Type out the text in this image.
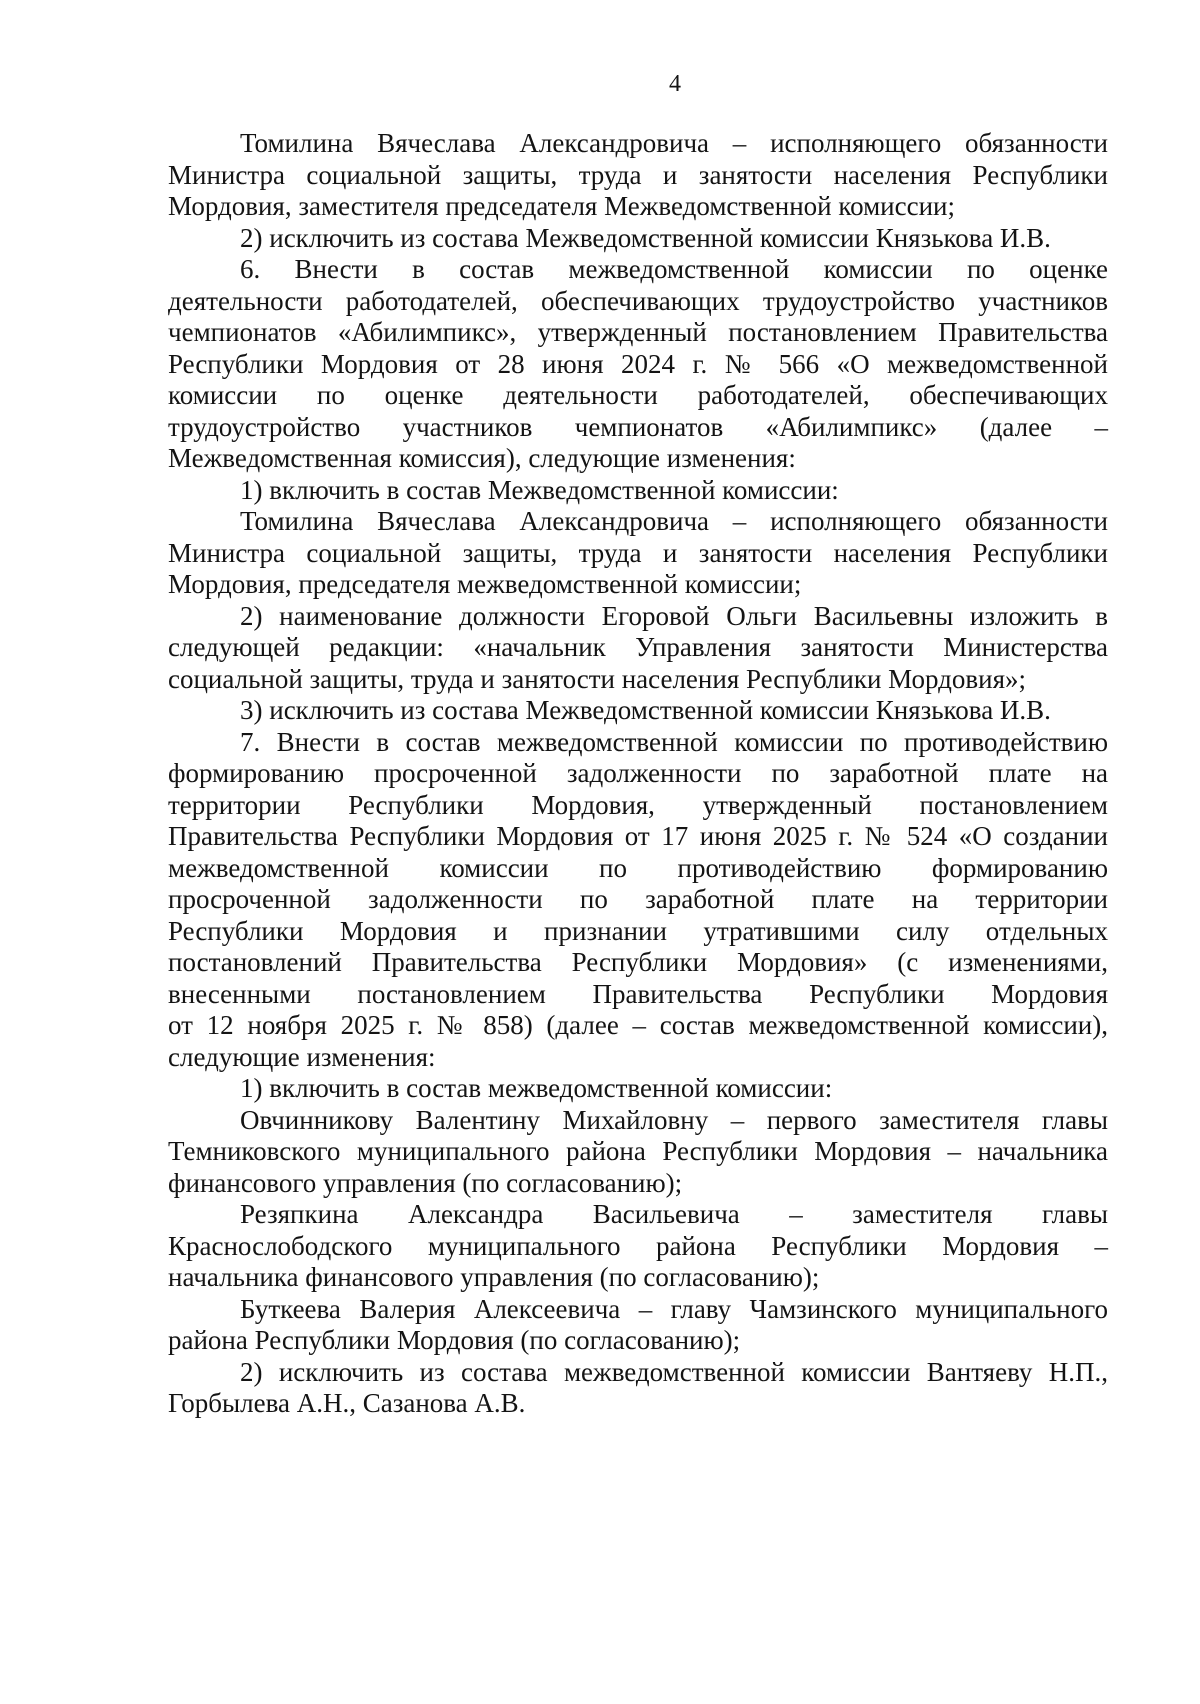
4
Томилина Вячеслава Александровича – исполняющего обязанности
Министра социальной защиты, труда и занятости населения Республики
Мордовия, заместителя председателя Межведомственной комиссии;
2) исключить из состава Межведомственной комиссии Князькова И.В.
6. Внести в состав межведомственной комиссии по оценке
деятельности работодателей, обеспечивающих трудоустройство участников
чемпионатов «Абилимпикс», утвержденный постановлением Правительства
Республики Мордовия от 28 июня 2024 г. № 566 «О межведомственной
комиссии по оценке деятельности работодателей, обеспечивающих
трудоустройство участников чемпионатов «Абилимпикс» (далее –
Межведомственная комиссия), следующие изменения:
1) включить в состав Межведомственной комиссии:
Томилина Вячеслава Александровича – исполняющего обязанности
Министра социальной защиты, труда и занятости населения Республики
Мордовия, председателя межведомственной комиссии;
2) наименование должности Егоровой Ольги Васильевны изложить в
следующей редакции: «начальник Управления занятости Министерства
социальной защиты, труда и занятости населения Республики Мордовия»;
3) исключить из состава Межведомственной комиссии Князькова И.В.
7. Внести в состав межведомственной комиссии по противодействию
формированию просроченной задолженности по заработной плате на
территории Республики Мордовия, утвержденный постановлением
Правительства Республики Мордовия от 17 июня 2025 г. № 524 «О создании
межведомственной комиссии по противодействию формированию
просроченной задолженности по заработной плате на территории
Республики Мордовия и признании утратившими силу отдельных
постановлений Правительства Республики Мордовия» (с изменениями,
внесенными постановлением Правительства Республики Мордовия
от 12 ноября 2025 г. № 858) (далее – состав межведомственной комиссии),
следующие изменения:
1) включить в состав межведомственной комиссии:
Овчинникову Валентину Михайловну – первого заместителя главы
Темниковского муниципального района Республики Мордовия – начальника
финансового управления (по согласованию);
Резяпкина Александра Васильевича – заместителя главы
Краснослободского муниципального района Республики Мордовия –
начальника финансового управления (по согласованию);
Буткеева Валерия Алексеевича – главу Чамзинского муниципального
района Республики Мордовия (по согласованию);
2) исключить из состава межведомственной комиссии Вантяеву Н.П.,
Горбылева А.Н., Сазанова А.В.
